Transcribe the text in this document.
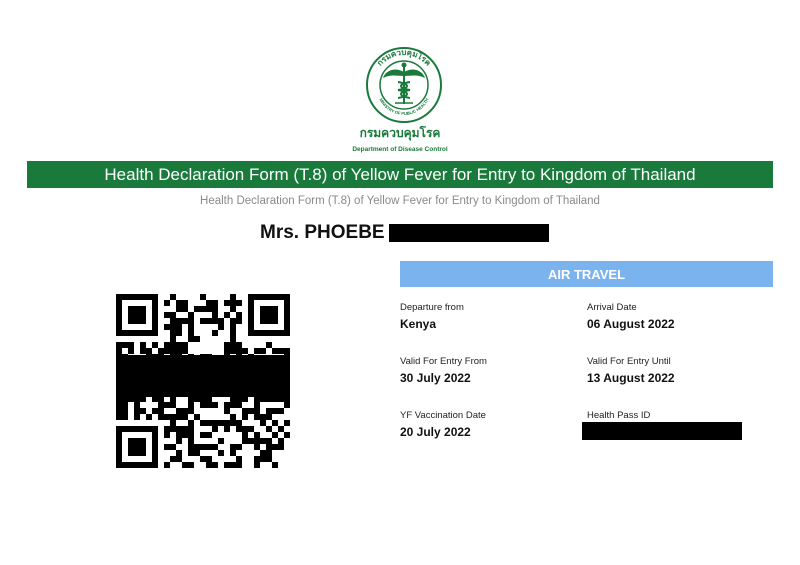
กรมควบคุมโรค
MINISTRY OF PUBLIC HEALTH
กรมควบคุมโรค
Department of Disease Control
Health Declaration Form (T.8) of Yellow Fever for Entry to Kingdom of Thailand
Health Declaration Form (T.8) of Yellow Fever for Entry to Kingdom of Thailand
Mrs. PHOEBE
AIR TRAVEL
Departure from
Kenya
Arrival Date
06 August 2022
Valid For Entry From
30 July 2022
Valid For Entry Until
13 August 2022
YF Vaccination Date
20 July 2022
Health Pass ID
